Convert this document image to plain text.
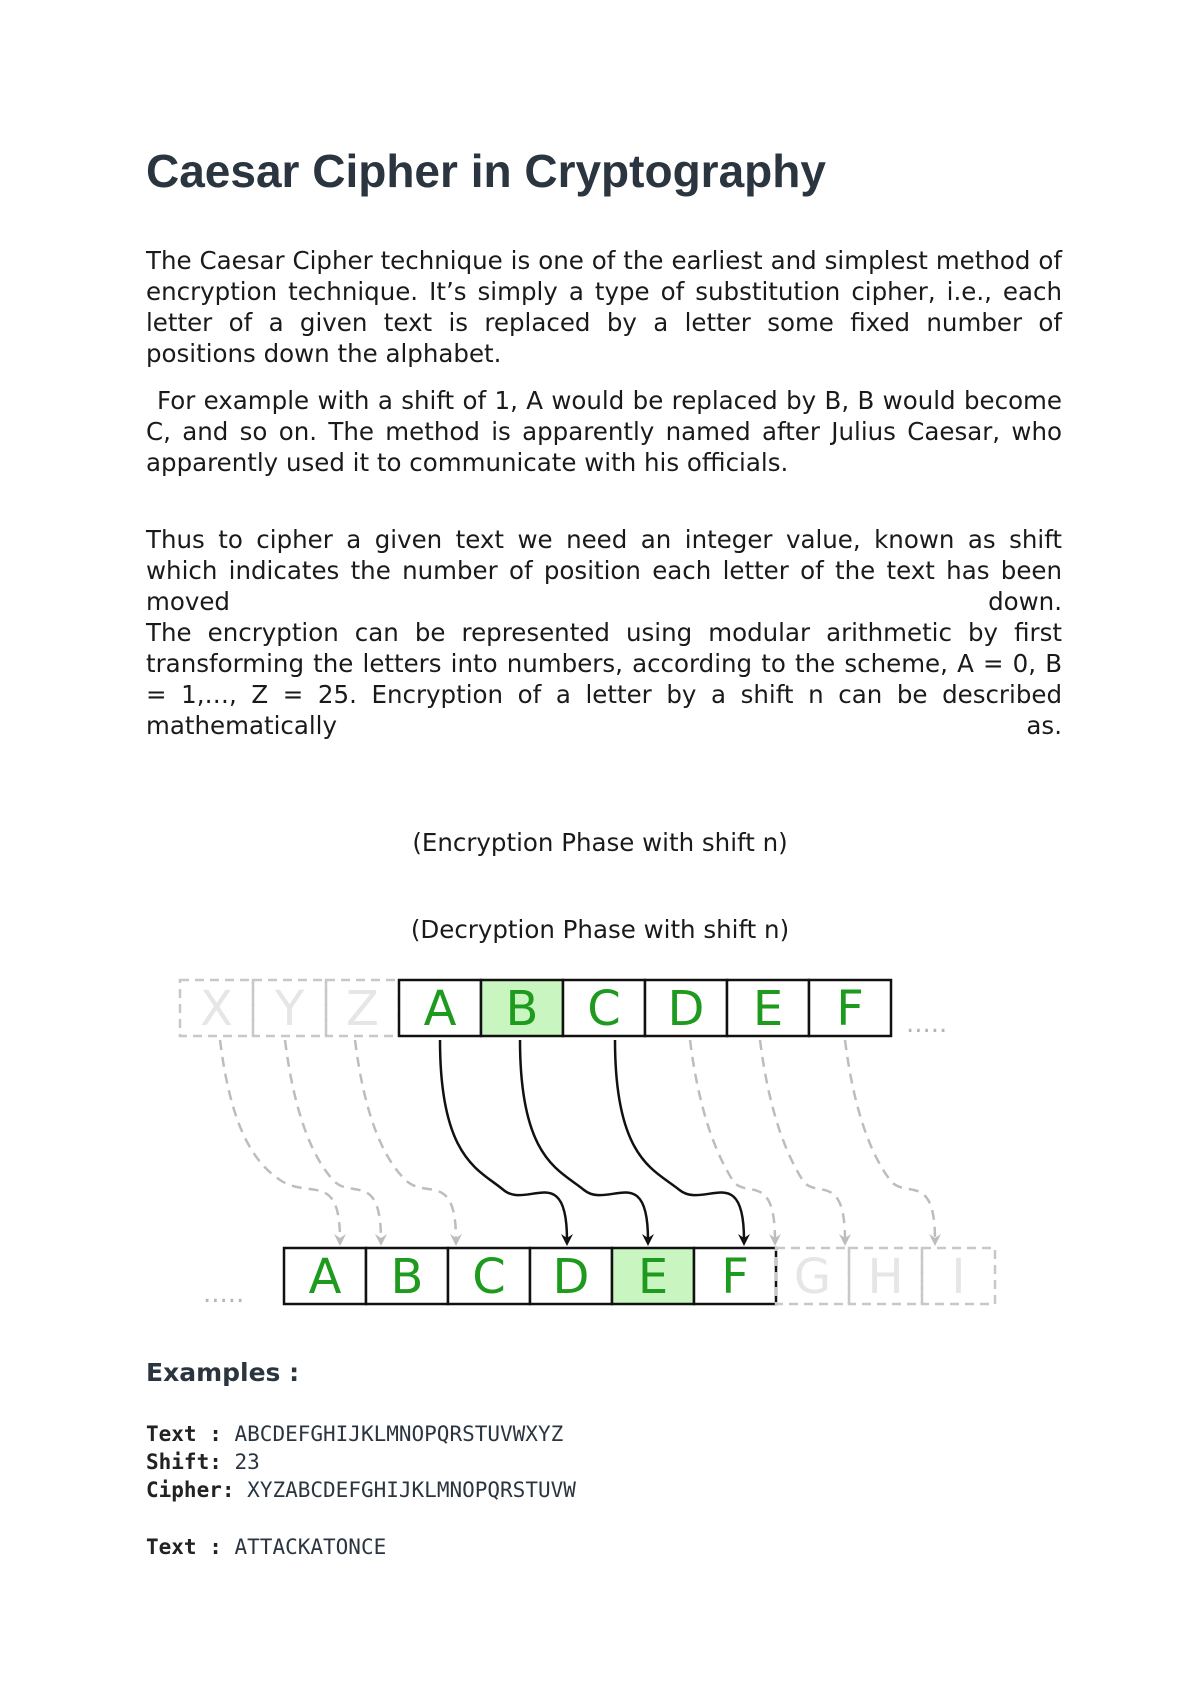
Caesar Cipher in Cryptography

The Caesar Cipher technique is one of the earliest and simplest method of encryption technique. It’s simply a type of substitution cipher, i.e., each letter of a given text is replaced by a letter some fixed number of positions down the alphabet.

For example with a shift of 1, A would be replaced by B, B would become C, and so on. The method is apparently named after Julius Caesar, who apparently used it to communicate with his officials.

Thus to cipher a given text we need an integer value, known as shift which indicates the number of position each letter of the text has been moved down.

The encryption can be represented using modular arithmetic by first transforming the letters into numbers, according to the scheme, A = 0, B = 1,…, Z = 25. Encryption of a letter by a shift n can be described mathematically as.

(Encryption Phase with shift n)

(Decryption Phase with shift n)

X Y Z A B C D E F .....
A B C D E F G H I
.....
Examples :
Text : ABCDEFGHIJKLMNOPQRSTUVWXYZ
Shift: 23
Cipher: XYZABCDEFGHIJKLMNOPQRSTUVW
Text : ATTACKATONCE
